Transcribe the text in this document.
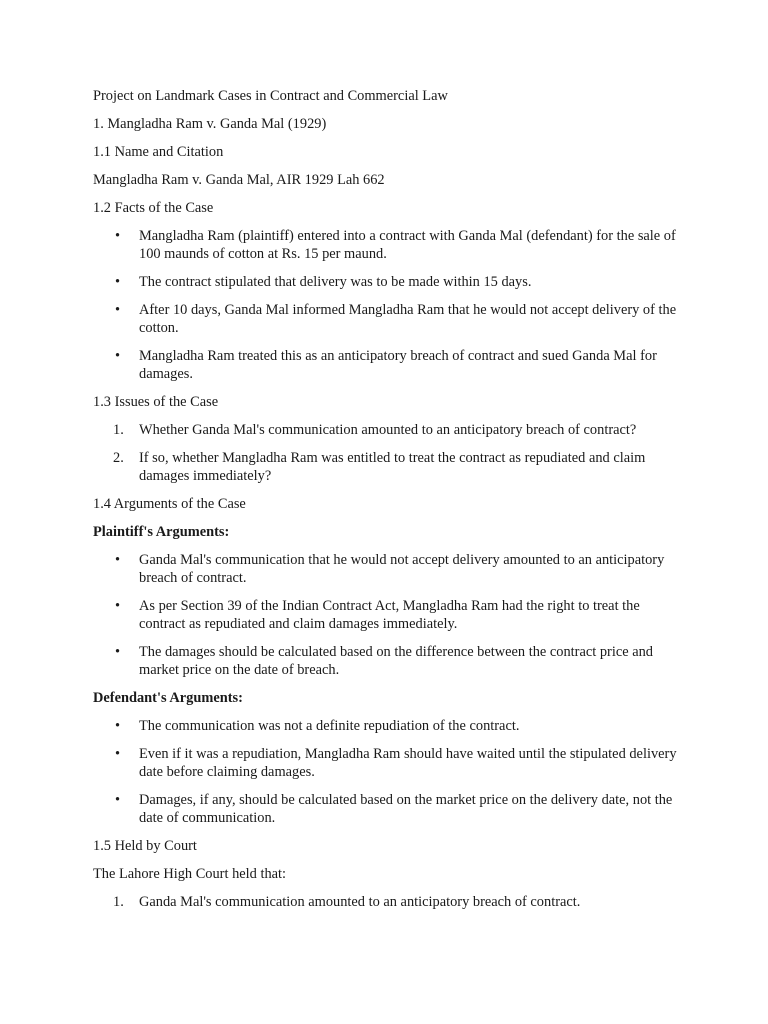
Project on Landmark Cases in Contract and Commercial Law

1. Mangladha Ram v. Ganda Mal (1929)

1.1 Name and Citation

Mangladha Ram v. Ganda Mal, AIR 1929 Lah 662

1.2 Facts of the Case

• Mangladha Ram (plaintiff) entered into a contract with Ganda Mal (defendant) for the sale of 100 maunds of cotton at Rs. 15 per maund.
• The contract stipulated that delivery was to be made within 15 days.
• After 10 days, Ganda Mal informed Mangladha Ram that he would not accept delivery of the cotton.
• Mangladha Ram treated this as an anticipatory breach of contract and sued Ganda Mal for damages.

1.3 Issues of the Case

1. Whether Ganda Mal's communication amounted to an anticipatory breach of contract?
2. If so, whether Mangladha Ram was entitled to treat the contract as repudiated and claim damages immediately?

1.4 Arguments of the Case

Plaintiff's Arguments:

• Ganda Mal's communication that he would not accept delivery amounted to an anticipatory breach of contract.
• As per Section 39 of the Indian Contract Act, Mangladha Ram had the right to treat the contract as repudiated and claim damages immediately.
• The damages should be calculated based on the difference between the contract price and market price on the date of breach.

Defendant's Arguments:

• The communication was not a definite repudiation of the contract.
• Even if it was a repudiation, Mangladha Ram should have waited until the stipulated delivery date before claiming damages.
• Damages, if any, should be calculated based on the market price on the delivery date, not the date of communication.

1.5 Held by Court

The Lahore High Court held that:

1. Ganda Mal's communication amounted to an anticipatory breach of contract.
